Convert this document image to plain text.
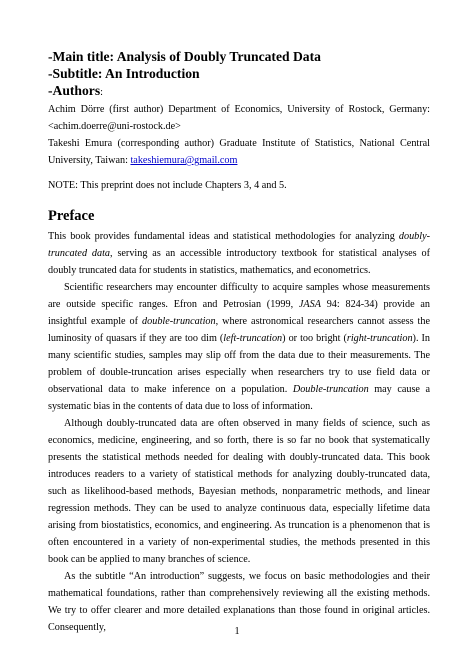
-Main title: Analysis of Doubly Truncated Data

-Subtitle: An Introduction

-Authors:

Achim Dörre (first author) Department of Economics, University of Rostock, Germany: <achim.doerre@uni-rostock.de>

Takeshi Emura (corresponding author) Graduate Institute of Statistics, National Central University, Taiwan: takeshiemura@gmail.com

NOTE: This preprint does not include Chapters 3, 4 and 5.

Preface

This book provides fundamental ideas and statistical methodologies for analyzing doubly-truncated data, serving as an accessible introductory textbook for statistical analyses of doubly truncated data for students in statistics, mathematics, and econometrics.

Scientific researchers may encounter difficulty to acquire samples whose measurements are outside specific ranges. Efron and Petrosian (1999, JASA 94: 824-34) provide an insightful example of double-truncation, where astronomical researchers cannot assess the luminosity of quasars if they are too dim (left-truncation) or too bright (right-truncation). In many scientific studies, samples may slip off from the data due to their measurements. The problem of double-truncation arises especially when researchers try to use field data or observational data to make inference on a population. Double-truncation may cause a systematic bias in the contents of data due to loss of information.

Although doubly-truncated data are often observed in many fields of science, such as economics, medicine, engineering, and so forth, there is so far no book that systematically presents the statistical methods needed for dealing with doubly-truncated data. This book introduces readers to a variety of statistical methods for analyzing doubly-truncated data, such as likelihood-based methods, Bayesian methods, nonparametric methods, and linear regression methods. They can be used to analyze continuous data, especially lifetime data arising from biostatistics, economics, and engineering. As truncation is a phenomenon that is often encountered in a variety of non-experimental studies, the methods presented in this book can be applied to many branches of science.

As the subtitle “An introduction” suggests, we focus on basic methodologies and their mathematical foundations, rather than comprehensively reviewing all the existing methods. We try to offer clearer and more detailed explanations than those found in original articles. Consequently,	1
